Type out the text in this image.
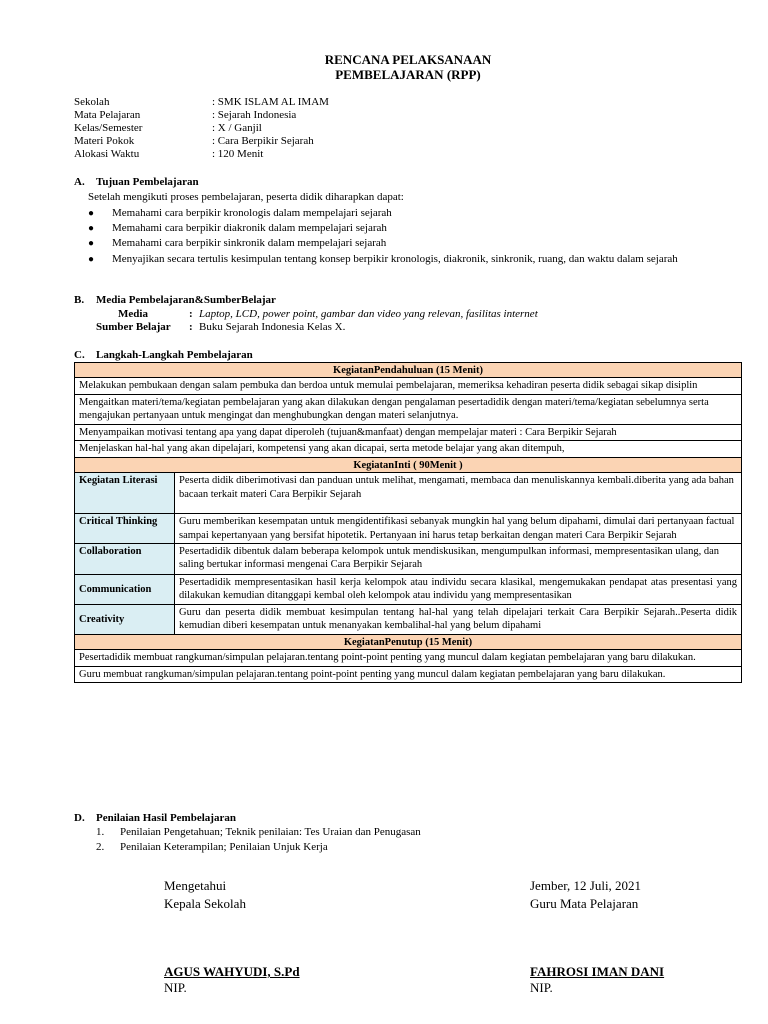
RENCANA PELAKSANAAN
PEMBELAJARAN (RPP)
Sekolah	: SMK ISLAM AL IMAM
Mata Pelajaran	: Sejarah Indonesia
Kelas/Semester	: X / Ganjil
Materi Pokok	: Cara Berpikir Sejarah
Alokasi Waktu	: 120 Menit
A. Tujuan Pembelajaran
Setelah mengikuti proses pembelajaran, peserta didik diharapkan dapat:
● Memahami cara berpikir kronologis dalam mempelajari sejarah
● Memahami cara berpikir diakronik dalam mempelajari sejarah
● Memahami cara berpikir sinkronik dalam mempelajari sejarah
● Menyajikan secara tertulis kesimpulan tentang konsep berpikir kronologis, diakronik, sinkronik, ruang, dan waktu dalam sejarah
B. Media Pembelajaran&SumberBelajar
Media	: Laptop, LCD, power point, gambar dan video yang relevan, fasilitas internet
Sumber Belajar : Buku Sejarah Indonesia Kelas X.
C. Langkah-Langkah Pembelajaran
KegiatanPendahuluan (15 Menit)	
Melakukan pembukaan dengan salam pembuka dan berdoa untuk memulai pembelajaran, memeriksa kehadiran peserta didik sebagai sikap disiplin	
Mengaitkan materi/tema/kegiatan pembelajaran yang akan dilakukan dengan pengalaman pesertadidik dengan materi/tema/kegiatan sebelumnya serta mengajukan pertanyaan untuk mengingat dan menghubungkan dengan materi selanjutnya.	
Menyampaikan motivasi tentang apa yang dapat diperoleh (tujuan&manfaat) dengan mempelajar materi : Cara Berpikir Sejarah	
Menjelaskan hal-hal yang akan dipelajari, kompetensi yang akan dicapai, serta metode belajar yang akan ditempuh,	
KegiatanInti ( 90Menit )	
Kegiatan Literasi	Peserta didik diberimotivasi dan panduan untuk melihat, mengamati, membaca dan menuliskannya kembali.diberita yang ada bahan bacaan terkait materi Cara Berpikir Sejarah
Critical Thinking	Guru memberikan kesempatan untuk mengidentifikasi sebanyak mungkin hal yang belum dipahami, dimulai dari pertanyaan factual sampai kepertanyaan yang bersifat hipotetik. Pertanyaan ini harus tetap berkaitan dengan materi Cara Berpikir Sejarah
Collaboration	Pesertadidik dibentuk dalam beberapa kelompok untuk mendiskusikan, mengumpulkan informasi, mempresentasikan ulang, dan saling bertukar informasi mengenai Cara Berpikir Sejarah
Communication	Pesertadidik mempresentasikan hasil kerja kelompok atau individu secara klasikal, mengemukakan pendapat atas presentasi yang dilakukan kemudian ditanggapi kembal oleh kelompok atau individu yang mempresentasikan
Creativity	Guru dan peserta didik membuat kesimpulan tentang hal-hal yang telah dipelajari terkait Cara Berpikir Sejarah..Peserta didik kemudian diberi kesempatan untuk menanyakan kembalihal-hal yang belum dipahami
KegiatanPenutup (15 Menit)	
Pesertadidik membuat rangkuman/simpulan pelajaran.tentang point-point penting yang muncul dalam kegiatan pembelajaran yang baru dilakukan.	
Guru membuat rangkuman/simpulan pelajaran.tentang point-point penting yang muncul dalam kegiatan pembelajaran yang baru dilakukan.	
D. Penilaian Hasil Pembelajaran
1. Penilaian Pengetahuan; Teknik penilaian: Tes Uraian dan Penugasan
2. Penilaian Keterampilan; Penilaian Unjuk Kerja
Mengetahui
Kepala Sekolah
AGUS WAHYUDI, S.Pd
NIP.
Jember, 12 Juli, 2021
Guru Mata Pelajaran
FAHROSI IMAN DANI
NIP.
